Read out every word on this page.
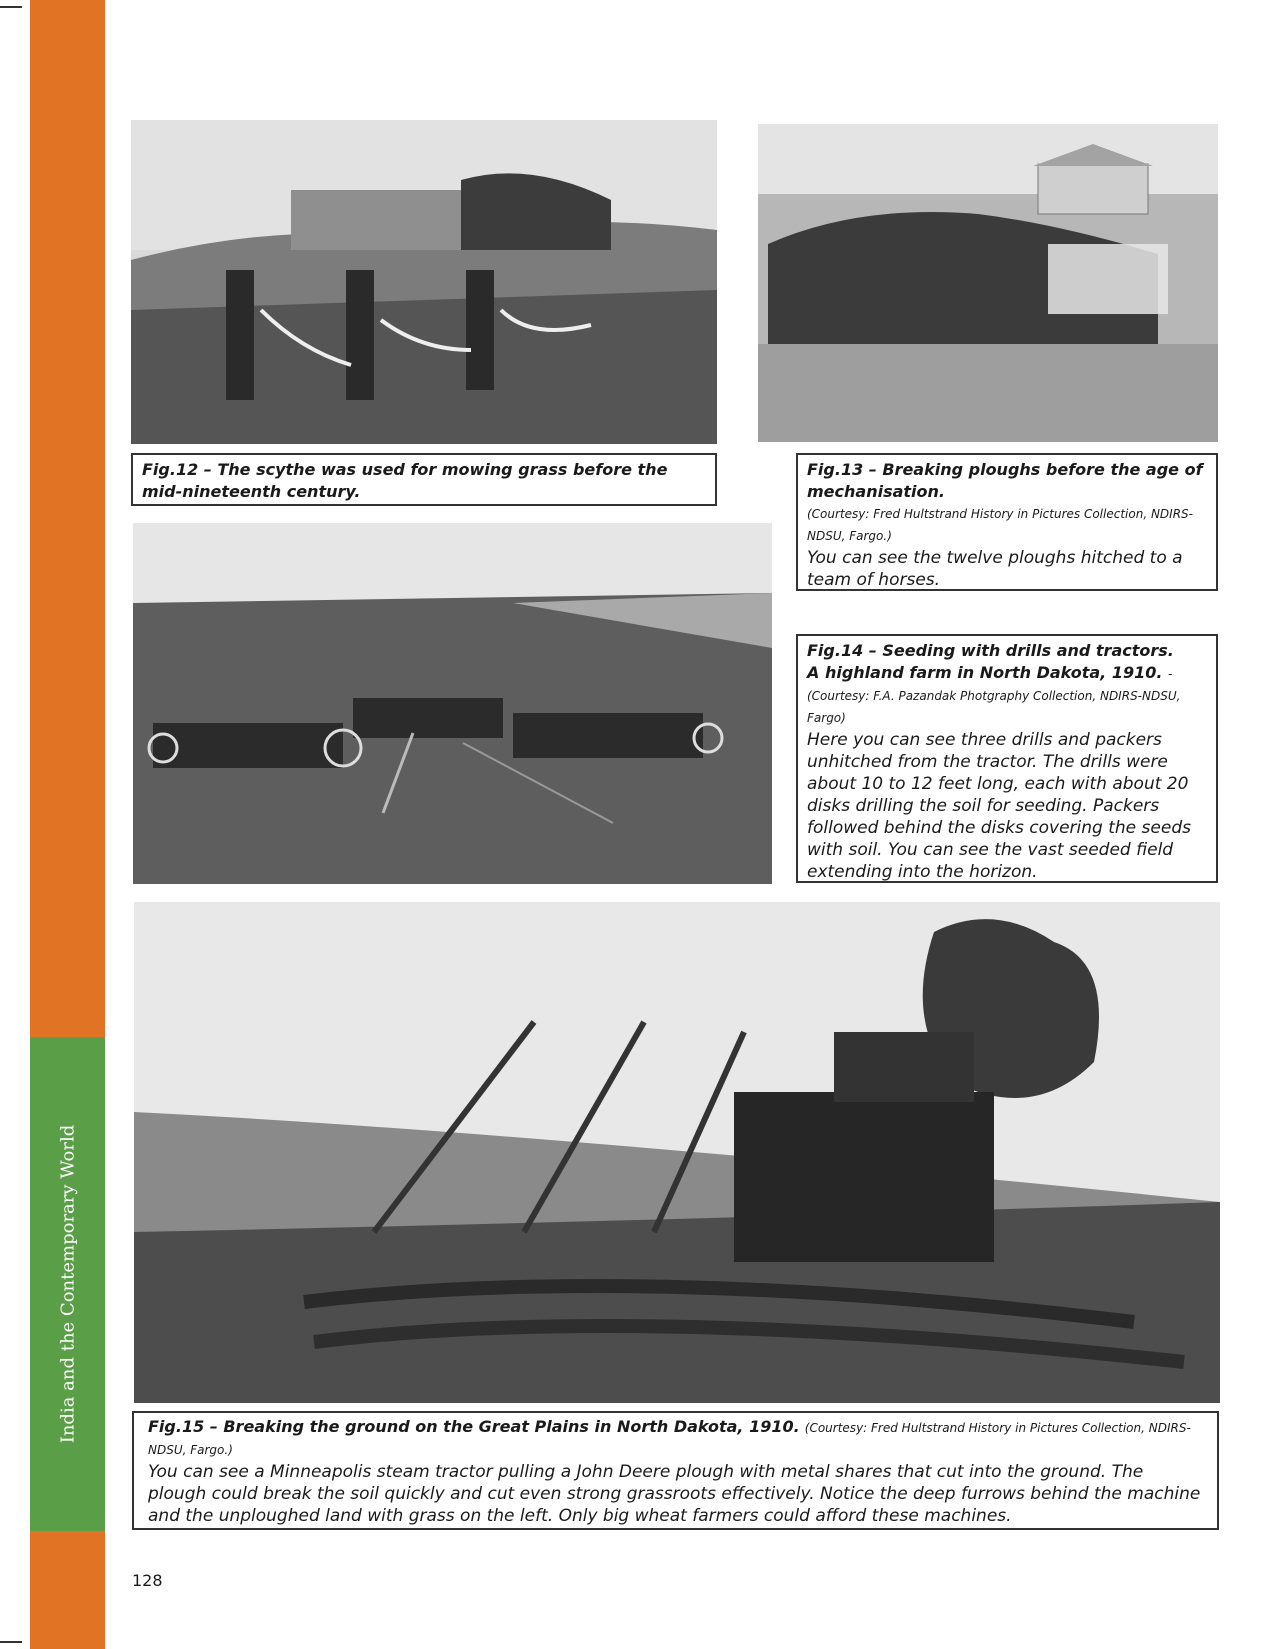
India and the Contemporary World
Fig.12 – The scythe was used for mowing grass before the mid-nineteenth century.
Fig.13 – Breaking ploughs before the age of mechanisation.
(Courtesy: Fred Hultstrand History in Pictures Collection, NDIRS-NDSU, Fargo.)
You can see the twelve ploughs hitched to a team of horses.
Fig.14 – Seeding with drills and tractors.
A highland farm in North Dakota, 1910. -
(Courtesy: F.A. Pazandak Photgraphy Collection, NDIRS-NDSU, Fargo)
Here you can see three drills and packers unhitched from the tractor. The drills were about 10 to 12 feet long, each with about 20 disks drilling the soil for seeding. Packers followed behind the disks covering the seeds with soil. You can see the vast seeded field extending into the horizon.
Fig.15 – Breaking the ground on the Great Plains in North Dakota, 1910. (Courtesy: Fred Hultstrand History in Pictures Collection, NDIRS-NDSU, Fargo.)
You can see a Minneapolis steam tractor pulling a John Deere plough with metal shares that cut into the ground. The plough could break the soil quickly and cut even strong grassroots effectively. Notice the deep furrows behind the machine and the unploughed land with grass on the left. Only big wheat farmers could afford these machines.
128
